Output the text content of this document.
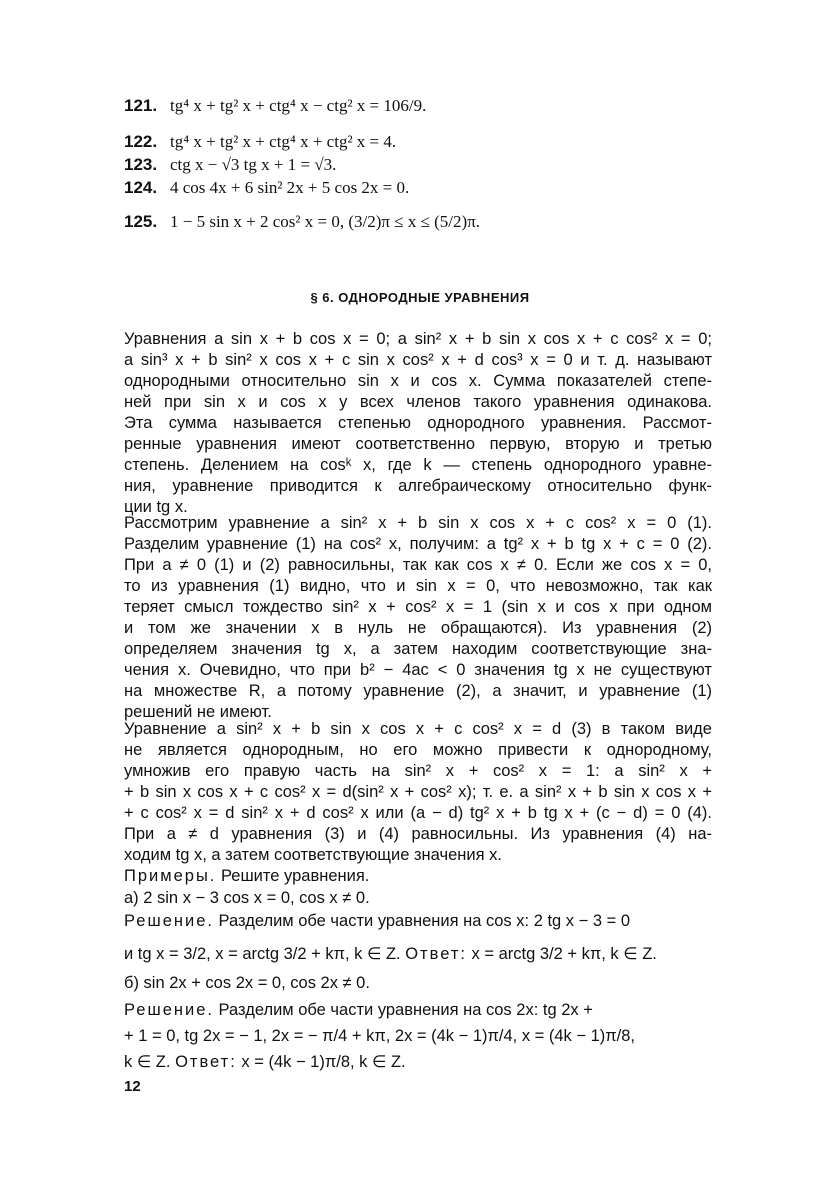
121. tg⁴ x + tg² x + ctg⁴ x − ctg² x = 106/9.
122. tg⁴ x + tg² x + ctg⁴ x + ctg² x = 4.
123. ctg x − √3 tg x + 1 = √3.
124. 4 cos 4x + 6 sin² 2x + 5 cos 2x = 0.
125. 1 − 5 sin x + 2 cos² x = 0, (3/2)π ≤ x ≤ (5/2)π.
§ 6. ОДНОРОДНЫЕ УРАВНЕНИЯ
Уравнения a sin x + b cos x = 0; a sin² x + b sin x cos x + c cos² x = 0;
a sin³ x + b sin² x cos x + c sin x cos² x + d cos³ x = 0 и т. д. называют
однородными относительно sin x и cos x. Сумма показателей степе-
ней при sin x и cos x у всех членов такого уравнения одинакова.
Эта сумма называется степенью однородного уравнения. Рассмот-
ренные уравнения имеют соответственно первую, вторую и третью
степень. Делением на cosᵏ x, где k — степень однородного уравне-
ния, уравнение приводится к алгебраическому относительно функ-
ции tg x.
Рассмотрим уравнение a sin² x + b sin x cos x + c cos² x = 0 (1).
Разделим уравнение (1) на cos² x, получим: a tg² x + b tg x + c = 0 (2).
При a ≠ 0 (1) и (2) равносильны, так как cos x ≠ 0. Если же cos x = 0,
то из уравнения (1) видно, что и sin x = 0, что невозможно, так как
теряет смысл тождество sin² x + cos² x = 1 (sin x и cos x при одном
и том же значении x в нуль не обращаются). Из уравнения (2)
определяем значения tg x, а затем находим соответствующие зна-
чения x. Очевидно, что при b² − 4ac < 0 значения tg x не существуют
на множестве R, а потому уравнение (2), а значит, и уравнение (1)
решений не имеют.
Уравнение a sin² x + b sin x cos x + c cos² x = d (3) в таком виде
не является однородным, но его можно привести к однородному,
умножив его правую часть на sin² x + cos² x = 1: a sin² x +
+ b sin x cos x + c cos² x = d(sin² x + cos² x); т. е. a sin² x + b sin x cos x +
+ c cos² x = d sin² x + d cos² x или (a − d) tg² x + b tg x + (c − d) = 0 (4).
При a ≠ d уравнения (3) и (4) равносильны. Из уравнения (4) на-
ходим tg x, а затем соответствующие значения x.
Примеры. Решите уравнения.
а) 2 sin x − 3 cos x = 0, cos x ≠ 0.
Решение. Разделим обе части уравнения на cos x: 2 tg x − 3 = 0
и tg x = 3/2, x = arctg 3/2 + kπ, k ∈ Z. Ответ: x = arctg 3/2 + kπ, k ∈ Z.
б) sin 2x + cos 2x = 0, cos 2x ≠ 0.
Решение. Разделим обе части уравнения на cos 2x: tg 2x +
+ 1 = 0, tg 2x = − 1, 2x = − π/4 + kπ, 2x = (4k − 1)π/4, x = (4k − 1)π/8,
k ∈ Z. Ответ: x = (4k − 1)π/8, k ∈ Z.
12
